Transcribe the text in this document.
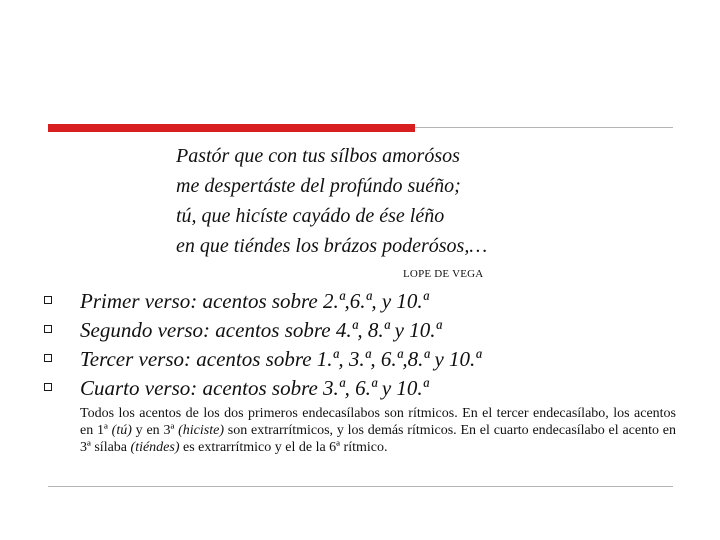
Pastór que con tus sílbos amorósos
me despertáste del profúndo suéño;
tú, que hicíste cayádo de ése léño
en que tiéndes los brázos poderósos,…
LOPE DE VEGA
Primer verso: acentos sobre 2.ª,6.ª, y 10.ª
Segundo verso: acentos sobre 4.ª, 8.ª y 10.ª
Tercer verso: acentos sobre 1.ª, 3.ª, 6.ª,8.ª y 10.ª
Cuarto verso: acentos sobre 3.ª, 6.ª y 10.ª

Todos los acentos de los dos primeros endecasílabos son rítmicos. En el tercer endecasílabo, los acentos en 1ª (tú) y en 3ª (hiciste) son extrarrítmicos, y los demás rítmicos. En el cuarto endecasílabo el acento en 3ª sílaba (tiéndes) es extrarrítmico y el de la 6ª rítmico.
